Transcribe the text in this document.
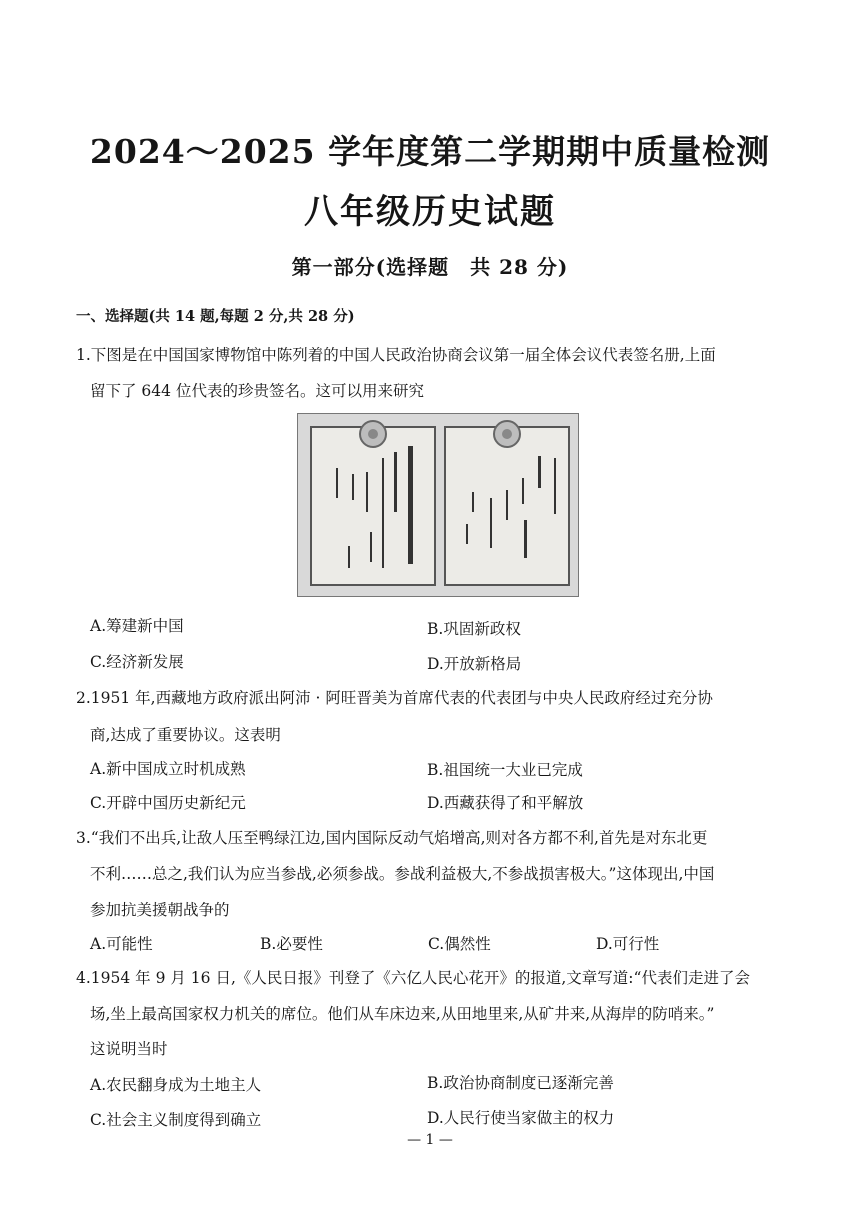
2024～2025 学年度第二学期期中质量检测
八年级历史试题
第一部分(选择题　共 28 分)
一、选择题(共 14 题,每题 2 分,共 28 分)
1.下图是在中国国家博物馆中陈列着的中国人民政治协商会议第一届全体会议代表签名册,上面
留下了 644 位代表的珍贵签名。这可以用来研究
A.筹建新中国	B.巩固新政权
C.经济新发展	D.开放新格局
2.1951 年,西藏地方政府派出阿沛 · 阿旺晋美为首席代表的代表团与中央人民政府经过充分协
商,达成了重要协议。这表明
A.新中国成立时机成熟	B.祖国统一大业已完成
C.开辟中国历史新纪元	D.西藏获得了和平解放
3.“我们不出兵,让敌人压至鸭绿江边,国内国际反动气焰增高,则对各方都不利,首先是对东北更
不利……总之,我们认为应当参战,必须参战。参战利益极大,不参战损害极大。”这体现出,中国
参加抗美援朝战争的
A.可能性	B.必要性	C.偶然性	D.可行性
4.1954 年 9 月 16 日,《人民日报》刊登了《六亿人民心花开》的报道,文章写道:“代表们走进了会
场,坐上最高国家权力机关的席位。他们从车床边来,从田地里来,从矿井来,从海岸的防哨来。”
这说明当时
A.农民翻身成为土地主人	B.政治协商制度已逐渐完善
C.社会主义制度得到确立	D.人民行使当家做主的权力
— 1 —
